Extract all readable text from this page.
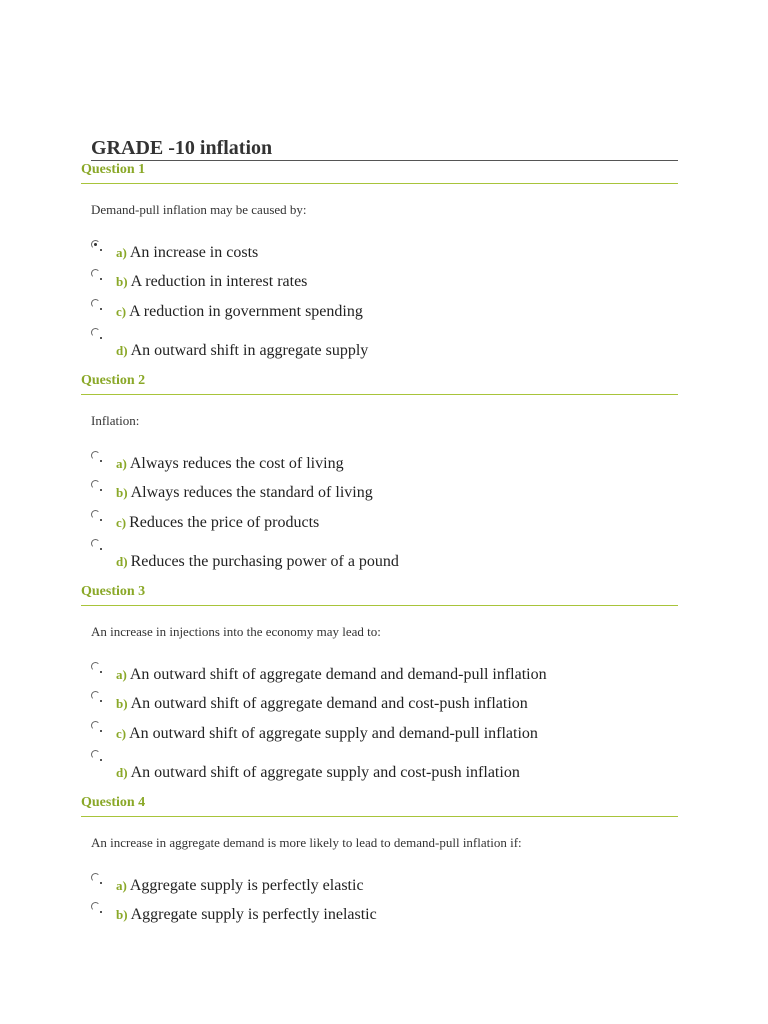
GRADE -10 inflation
Question 1
Demand-pull inflation may be caused by:
a) An increase in costs
b) A reduction in interest rates
c) A reduction in government spending
d) An outward shift in aggregate supply
Question 2
Inflation:
a) Always reduces the cost of living
b) Always reduces the standard of living
c) Reduces the price of products
d) Reduces the purchasing power of a pound
Question 3
An increase in injections into the economy may lead to:
a) An outward shift of aggregate demand and demand-pull inflation
b) An outward shift of aggregate demand and cost-push inflation
c) An outward shift of aggregate supply and demand-pull inflation
d) An outward shift of aggregate supply and cost-push inflation
Question 4
An increase in aggregate demand is more likely to lead to demand-pull inflation if:
a) Aggregate supply is perfectly elastic
b) Aggregate supply is perfectly inelastic
